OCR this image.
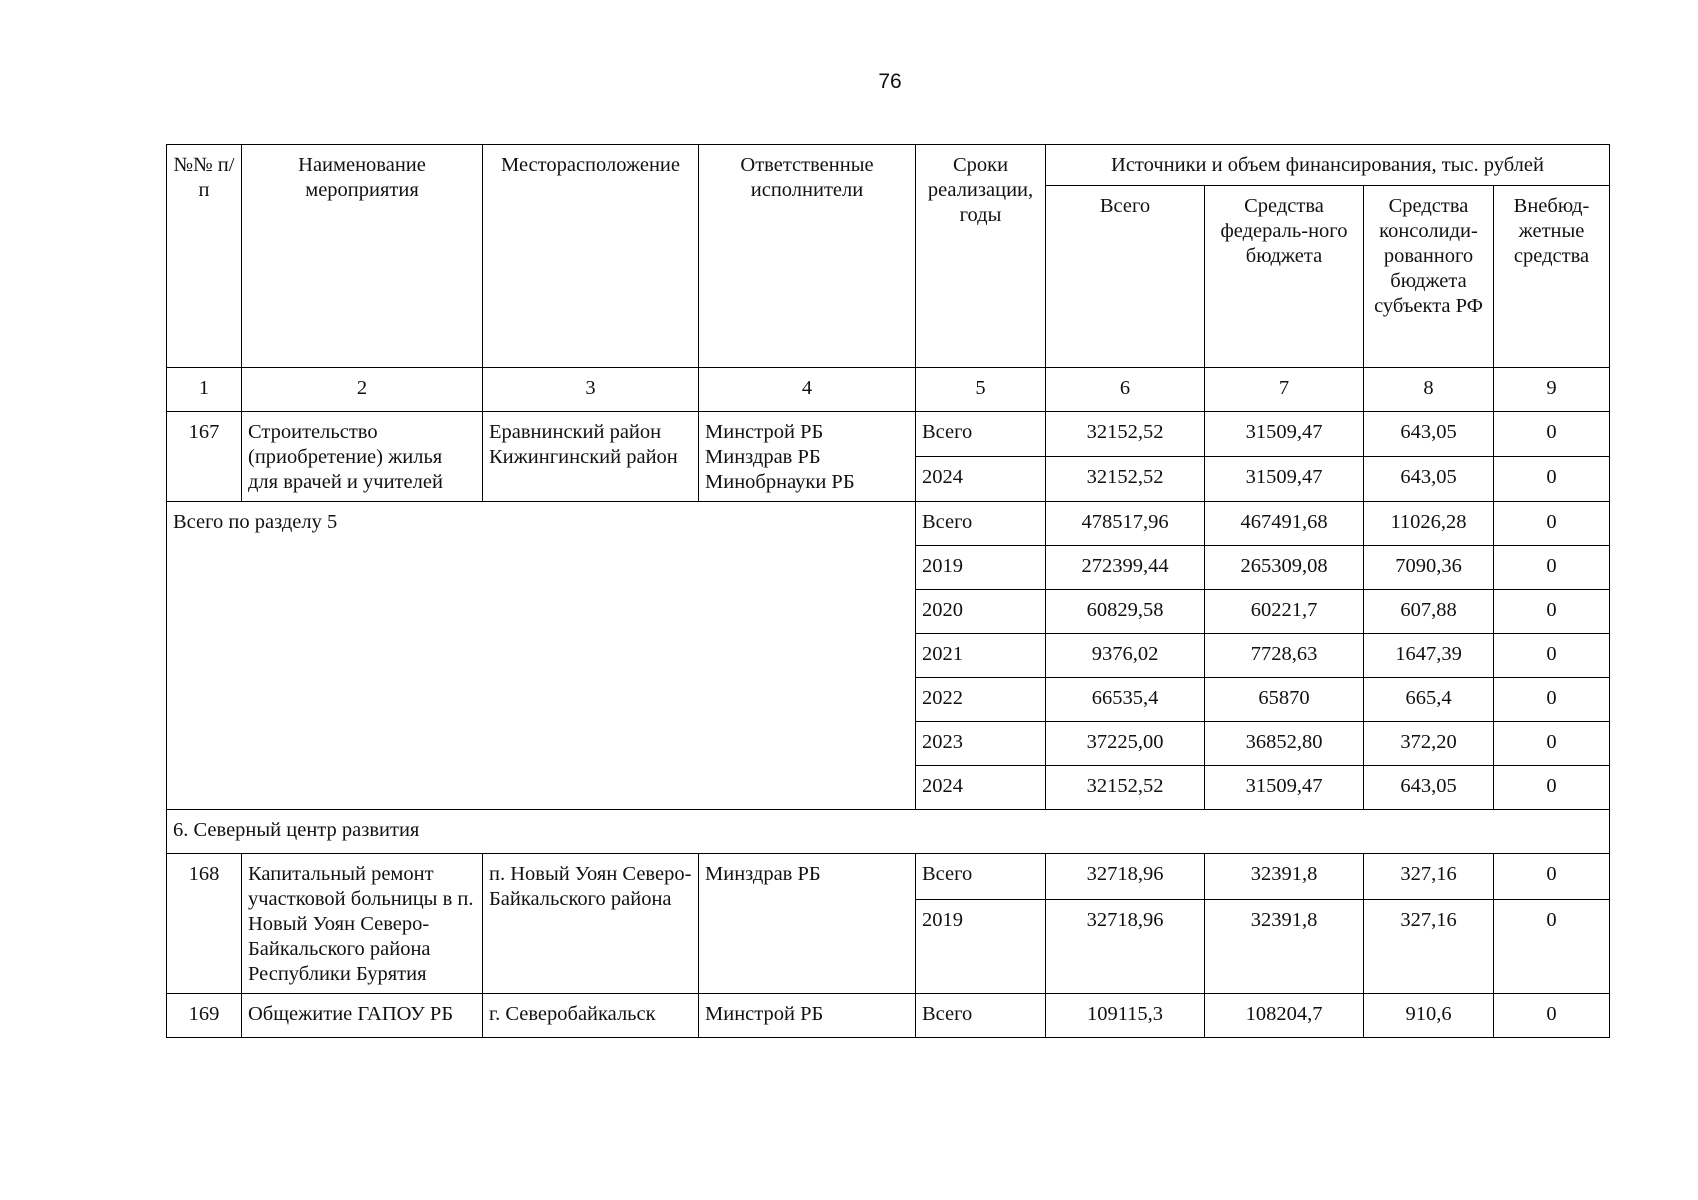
76
№№ п/п	Наименование мероприятия	Месторасположение	Ответственные исполнители	Сроки реализации, годы	Источники и объем финансирования, тыс. рублей			
					Всего	Средства федераль-ного бюджета	Средства консолиди-рованного бюджета субъекта РФ	Внебюд-жетные средства
1	2	3	4	5	6	7	8	9
167	Строительство (приобретение) жилья для врачей и учителей	Еравнинский район Кижингинский район	Минстрой РБ Минздрав РБ Минобрнауки РБ	Всего	32152,52	31509,47	643,05	0
				2024	32152,52	31509,47	643,05	0
Всего по разделу 5				Всего	478517,96	467491,68	11026,28	0
				2019	272399,44	265309,08	7090,36	0
				2020	60829,58	60221,7	607,88	0
				2021	9376,02	7728,63	1647,39	0
				2022	66535,4	65870	665,4	0
				2023	37225,00	36852,80	372,20	0
				2024	32152,52	31509,47	643,05	0
6. Северный центр развития								
168	Капитальный ремонт участковой больницы в п. Новый Уоян Северо-Байкальского района Республики Бурятия	п. Новый Уоян Северо-Байкальского района	Минздрав РБ	Всего	32718,96	32391,8	327,16	0
				2019	32718,96	32391,8	327,16	0
169	Общежитие ГАПОУ РБ	г. Северобайкальск	Минстрой РБ	Всего	109115,3	108204,7	910,6	0
